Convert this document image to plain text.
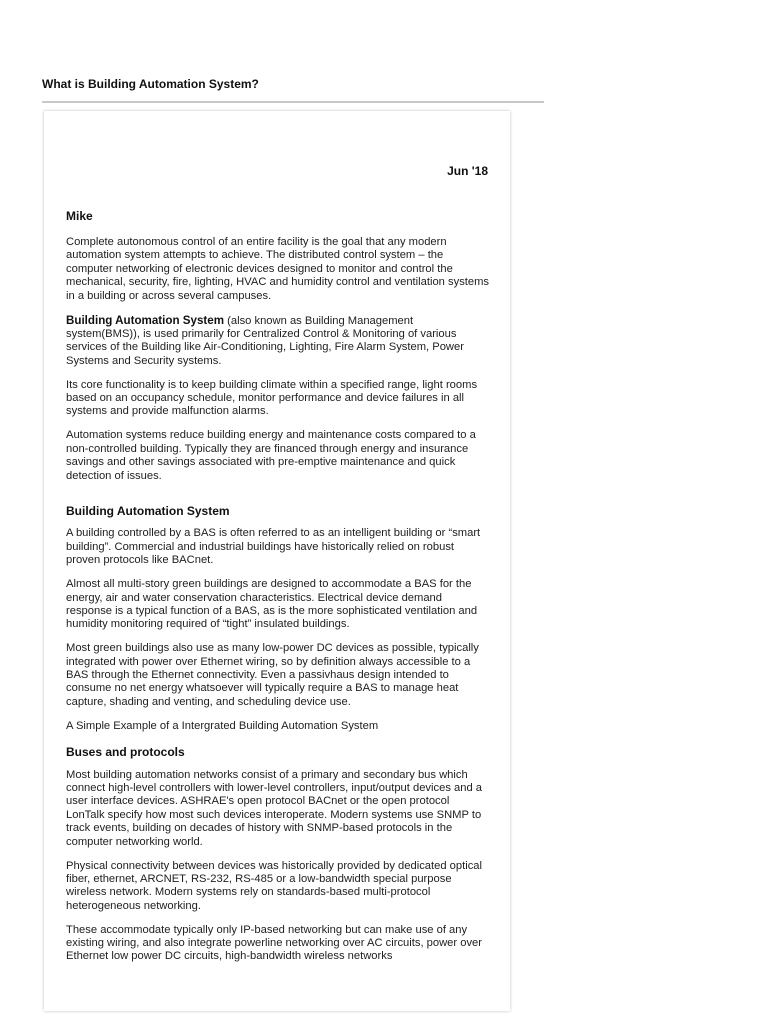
What is Building Automation System?
Jun '18
Mike

Complete autonomous control of an entire facility is the goal that any modern automation system attempts to achieve. The distributed control system – the computer networking of electronic devices designed to monitor and control the mechanical, security, fire, lighting, HVAC and humidity control and ventilation systems in a building or across several campuses.

Building Automation System (also known as Building Management system(BMS)), is used primarily for Centralized Control & Monitoring of various services of the Building like Air-Conditioning, Lighting, Fire Alarm System, Power Systems and Security systems.

Its core functionality is to keep building climate within a specified range, light rooms based on an occupancy schedule, monitor performance and device failures in all systems and provide malfunction alarms.

Automation systems reduce building energy and maintenance costs compared to a non-controlled building. Typically they are financed through energy and insurance savings and other savings associated with pre-emptive maintenance and quick detection of issues.

Building Automation System

A building controlled by a BAS is often referred to as an intelligent building or “smart building”. Commercial and industrial buildings have historically relied on robust proven protocols like BACnet.

Almost all multi-story green buildings are designed to accommodate a BAS for the energy, air and water conservation characteristics. Electrical device demand response is a typical function of a BAS, as is the more sophisticated ventilation and humidity monitoring required of “tight” insulated buildings.

Most green buildings also use as many low-power DC devices as possible, typically integrated with power over Ethernet wiring, so by definition always accessible to a BAS through the Ethernet connectivity. Even a passivhaus design intended to consume no net energy whatsoever will typically require a BAS to manage heat capture, shading and venting, and scheduling device use.

A Simple Example of a Intergrated Building Automation System

Buses and protocols

Most building automation networks consist of a primary and secondary bus which connect high-level controllers with lower-level controllers, input/output devices and a user interface devices. ASHRAE's open protocol BACnet or the open protocol LonTalk specify how most such devices interoperate. Modern systems use SNMP to track events, building on decades of history with SNMP-based protocols in the computer networking world.

Physical connectivity between devices was historically provided by dedicated optical fiber, ethernet, ARCNET, RS-232, RS-485 or a low-bandwidth special purpose wireless network. Modern systems rely on standards-based multi-protocol heterogeneous networking.

These accommodate typically only IP-based networking but can make use of any existing wiring, and also integrate powerline networking over AC circuits, power over Ethernet low power DC circuits, high-bandwidth wireless networks
